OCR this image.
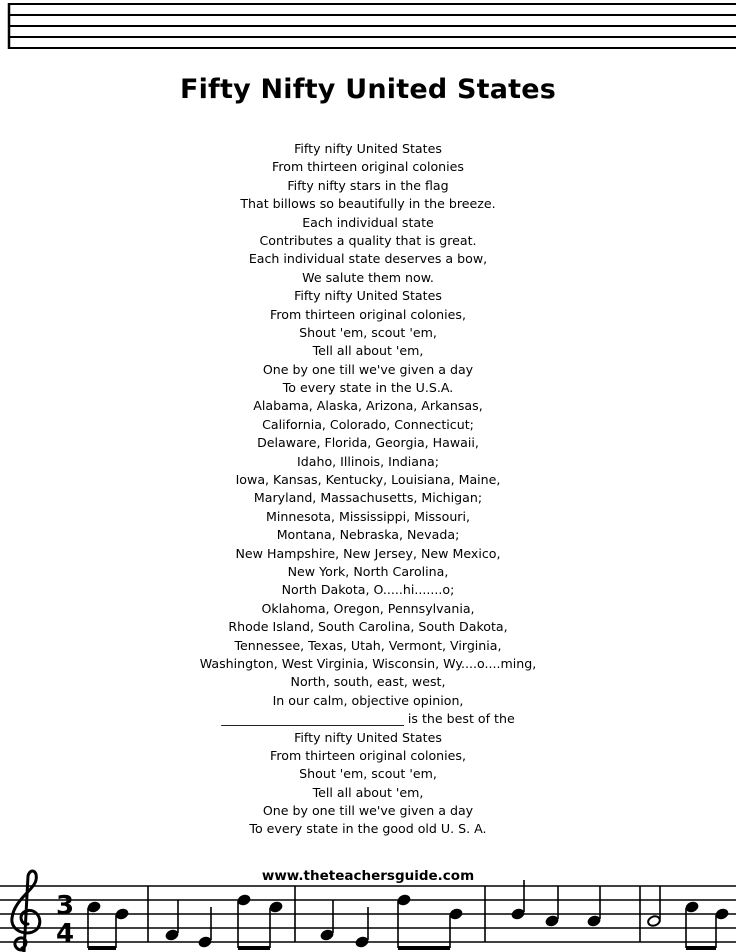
Fifty Nifty United States
Fifty nifty United States
From thirteen original colonies
Fifty nifty stars in the flag
That billows so beautifully in the breeze.
Each individual state
Contributes a quality that is great.
Each individual state deserves a bow,
We salute them now.
Fifty nifty United States
From thirteen original colonies,
Shout 'em, scout 'em,
Tell all about 'em,
One by one till we've given a day
To every state in the U.S.A.
Alabama, Alaska, Arizona, Arkansas,
California, Colorado, Connecticut;
Delaware, Florida, Georgia, Hawaii,
Idaho, Illinois, Indiana;
Iowa, Kansas, Kentucky, Louisiana, Maine,
Maryland, Massachusetts, Michigan;
Minnesota, Mississippi, Missouri,
Montana, Nebraska, Nevada;
New Hampshire, New Jersey, New Mexico,
New York, North Carolina,
North Dakota, O.....hi.......o;
Oklahoma, Oregon, Pennsylvania,
Rhode Island, South Carolina, South Dakota,
Tennessee, Texas, Utah, Vermont, Virginia,
Washington, West Virginia, Wisconsin, Wy....o....ming,
North, south, east, west,
In our calm, objective opinion,
_____________________________ is the best of the
Fifty nifty United States
From thirteen original colonies,
Shout 'em, scout 'em,
Tell all about 'em,
One by one till we've given a day
To every state in the good old U. S. A.
3
4
www.theteachersguide.com
